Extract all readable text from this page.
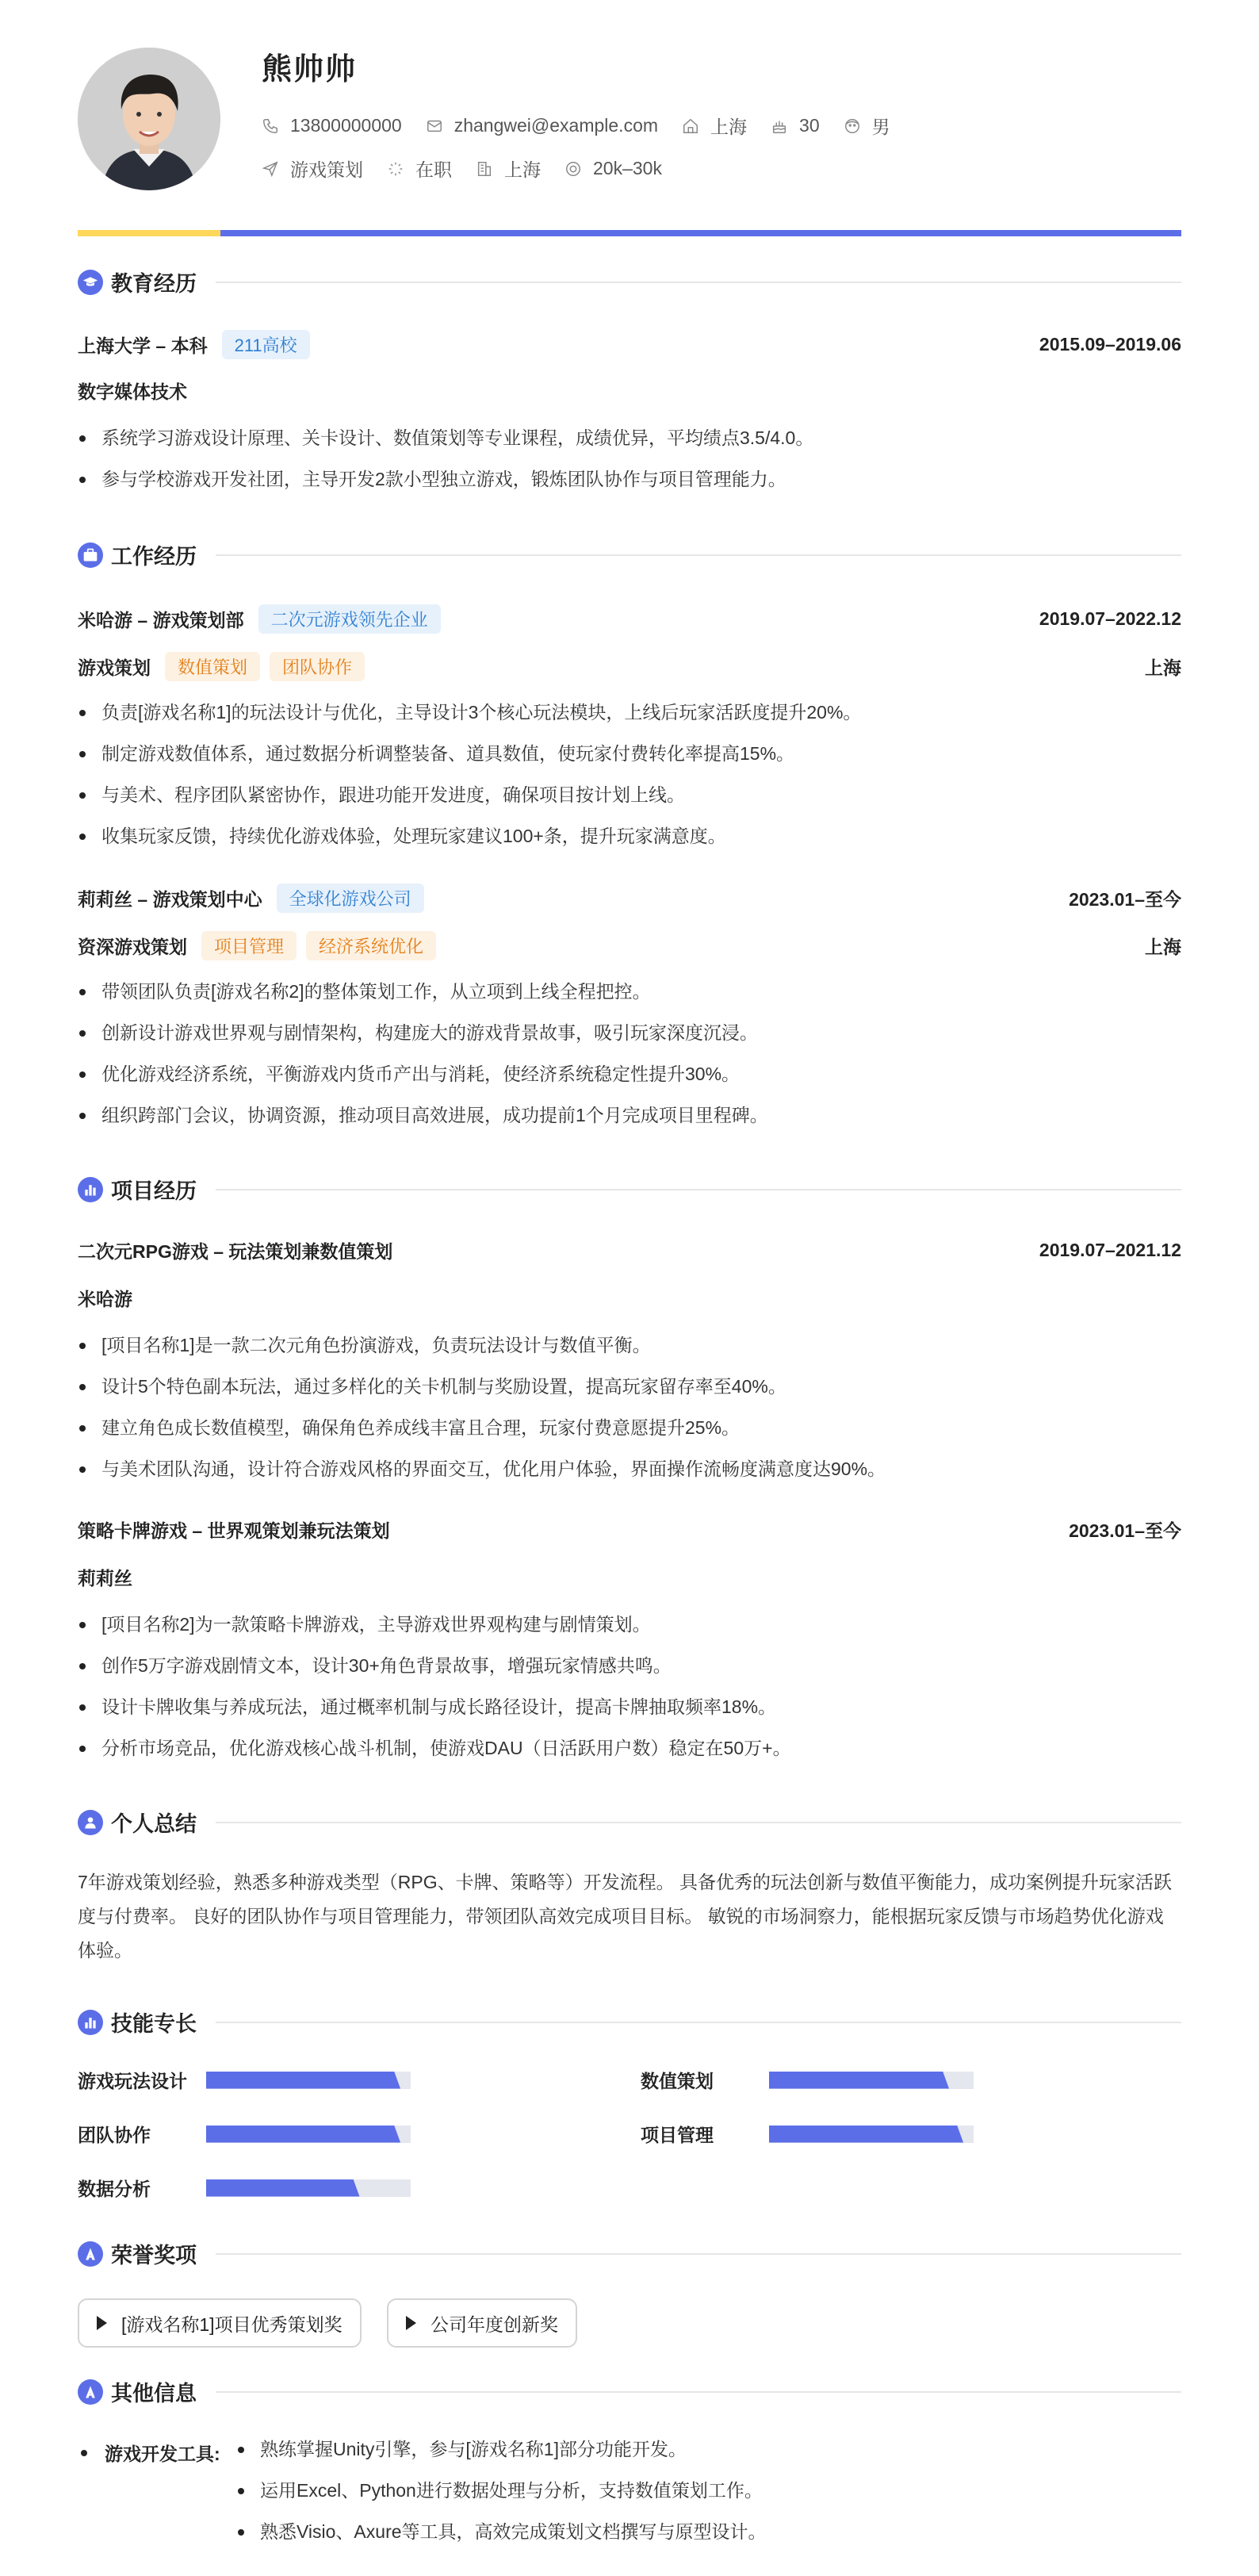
熊帅帅
13800000000	zhangwei@example.com	上海	30	男
游戏策划	在职	上海	20k–30k
教育经历
上海大学 – 本科	211高校	2015.09–2019.06
数字媒体技术
系统学习游戏设计原理、关卡设计、数值策划等专业课程，成绩优异，平均绩点3.5/4.0。
参与学校游戏开发社团，主导开发2款小型独立游戏，锻炼团队协作与项目管理能力。
工作经历
米哈游 – 游戏策划部	二次元游戏领先企业	2019.07–2022.12
游戏策划	数值策划	团队协作	上海
负责[游戏名称1]的玩法设计与优化，主导设计3个核心玩法模块，上线后玩家活跃度提升20%。
制定游戏数值体系，通过数据分析调整装备、道具数值，使玩家付费转化率提高15%。
与美术、程序团队紧密协作，跟进功能开发进度，确保项目按计划上线。
收集玩家反馈，持续优化游戏体验，处理玩家建议100+条，提升玩家满意度。
莉莉丝 – 游戏策划中心	全球化游戏公司	2023.01–至今
资深游戏策划	项目管理	经济系统优化	上海
带领团队负责[游戏名称2]的整体策划工作，从立项到上线全程把控。
创新设计游戏世界观与剧情架构，构建庞大的游戏背景故事，吸引玩家深度沉浸。
优化游戏经济系统，平衡游戏内货币产出与消耗，使经济系统稳定性提升30%。
组织跨部门会议，协调资源，推动项目高效进展，成功提前1个月完成项目里程碑。
项目经历
二次元RPG游戏 – 玩法策划兼数值策划	2019.07–2021.12
米哈游
[项目名称1]是一款二次元角色扮演游戏，负责玩法设计与数值平衡。
设计5个特色副本玩法，通过多样化的关卡机制与奖励设置，提高玩家留存率至40%。
建立角色成长数值模型，确保角色养成线丰富且合理，玩家付费意愿提升25%。
与美术团队沟通，设计符合游戏风格的界面交互，优化用户体验，界面操作流畅度满意度达90%。
策略卡牌游戏 – 世界观策划兼玩法策划	2023.01–至今
莉莉丝
[项目名称2]为一款策略卡牌游戏，主导游戏世界观构建与剧情策划。
创作5万字游戏剧情文本，设计30+角色背景故事，增强玩家情感共鸣。
设计卡牌收集与养成玩法，通过概率机制与成长路径设计，提高卡牌抽取频率18%。
分析市场竞品，优化游戏核心战斗机制，使游戏DAU（日活跃用户数）稳定在50万+。
个人总结
7年游戏策划经验，熟悉多种游戏类型（RPG、卡牌、策略等）开发流程。 具备优秀的玩法创新与数值平衡能力，成功案例提升玩家活跃度与付费率。 良好的团队协作与项目管理能力，带领团队高效完成项目目标。 敏锐的市场洞察力，能根据玩家反馈与市场趋势优化游戏体验。
技能专长
游戏玩法设计	数值策划
团队协作	项目管理
数据分析
荣誉奖项
[游戏名称1]项目优秀策划奖	公司年度创新奖
其他信息
游戏开发工具:	熟练掌握Unity引擎，参与[游戏名称1]部分功能开发。
运用Excel、Python进行数据处理与分析，支持数值策划工作。
熟悉Visio、Axure等工具，高效完成策划文档撰写与原型设计。
